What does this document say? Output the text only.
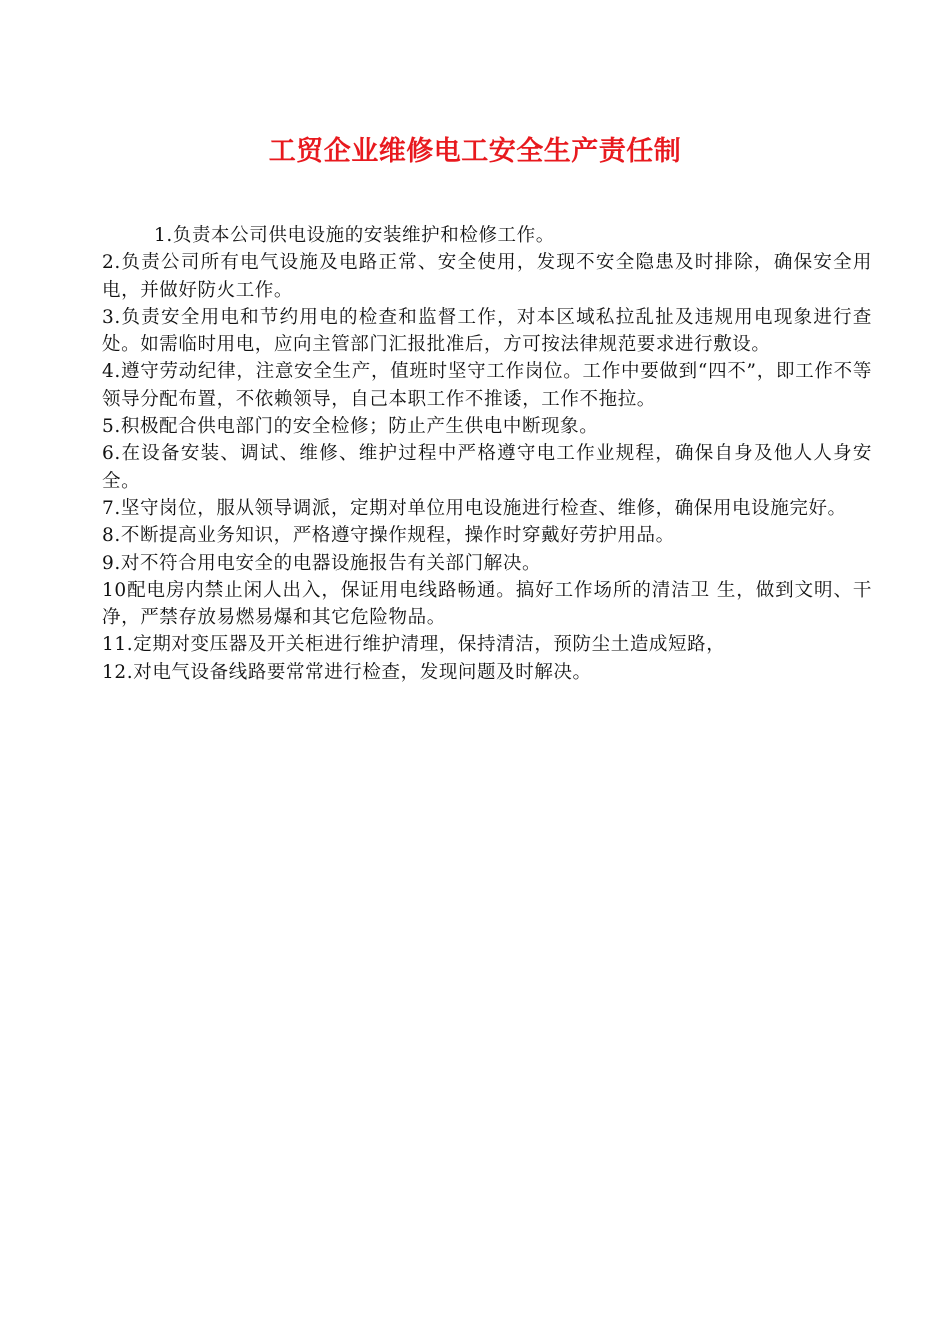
工贸企业维修电工安全生产责任制

1.负责本公司供电设施的安装维护和检修工作。

2.负责公司所有电气设施及电路正常、安全使用，发现不安全隐患及时排除，确保安全用电，并做好防火工作。

3.负责安全用电和节约用电的检查和监督工作，对本区域私拉乱扯及违规用电现象进行查处。如需临时用电，应向主管部门汇报批准后，方可按法律规范要求进行敷设。

4.遵守劳动纪律，注意安全生产，值班时坚守工作岗位。工作中要做到“四不”，即工作不等领导分配布置，不依赖领导，自己本职工作不推诿，工作不拖拉。

5.积极配合供电部门的安全检修；防止产生供电中断现象。

6.在设备安装、调试、维修、维护过程中严格遵守电工作业规程，确保自身及他人人身安全。

7.坚守岗位，服从领导调派，定期对单位用电设施进行检查、维修，确保用电设施完好。

8.不断提高业务知识，严格遵守操作规程，操作时穿戴好劳护用品。

9.对不符合用电安全的电器设施报告有关部门解决。

10配电房内禁止闲人出入，保证用电线路畅通。搞好工作场所的清洁卫 生，做到文明、干净，严禁存放易燃易爆和其它危险物品。

11.定期对变压器及开关柜进行维护清理，保持清洁，预防尘土造成短路，

12.对电气设备线路要常常进行检查，发现问题及时解决。
